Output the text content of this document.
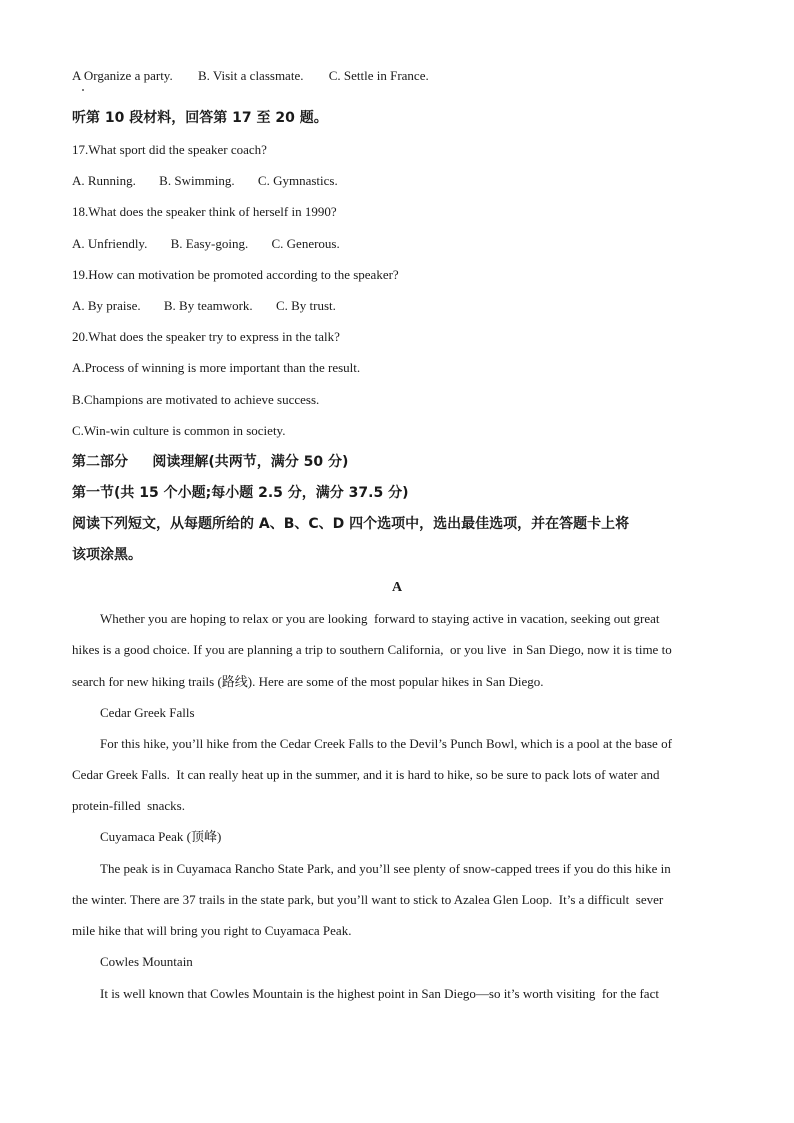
A Organize a party. B. Visit a classmate. C. Settle in France.
听第 10 段材料，回答第 17 至 20 题。
17.What sport did the speaker coach?
A. Running. B. Swimming. C. Gymnastics.
18.What does the speaker think of herself in 1990?
A. Unfriendly. B. Easy-going. C. Generous.
19.How can motivation be promoted according to the speaker?
A. By praise. B. By teamwork. C. By trust.
20.What does the speaker try to express in the talk?
A.Process of winning is more important than the result.
B.Champions are motivated to achieve success.
C.Win-win culture is common in society.
第二部分     阅读理解(共两节，满分 50 分)
第一节(共 15 个小题;每小题 2.5 分，满分 37.5 分)
阅读下列短文，从每题所给的 A、B、C、D 四个选项中，选出最佳选项，并在答题卡上将
该项涂黑。
A
Whether you are hoping to relax or you are looking  forward to staying active in vacation, seeking out great
hikes is a good choice. If you are planning a trip to southern California,  or you live  in San Diego, now it is time to
search for new hiking trails (路线). Here are some of the most popular hikes in San Diego.
Cedar Greek Falls
For this hike, you’ll hike from the Cedar Creek Falls to the Devil’s Punch Bowl, which is a pool at the base of
Cedar Greek Falls.  It can really heat up in the summer, and it is hard to hike, so be sure to pack lots of water and
protein-filled  snacks.
Cuyamaca Peak (顶峰)
The peak is in Cuyamaca Rancho State Park, and you’ll see plenty of snow-capped trees if you do this hike in
the winter. There are 37 trails in the state park, but you’ll want to stick to Azalea Glen Loop.  It’s a difficult  sever
mile hike that will bring you right to Cuyamaca Peak.
Cowles Mountain
It is well known that Cowles Mountain is the highest point in San Diego—so it’s worth visiting  for the fact
